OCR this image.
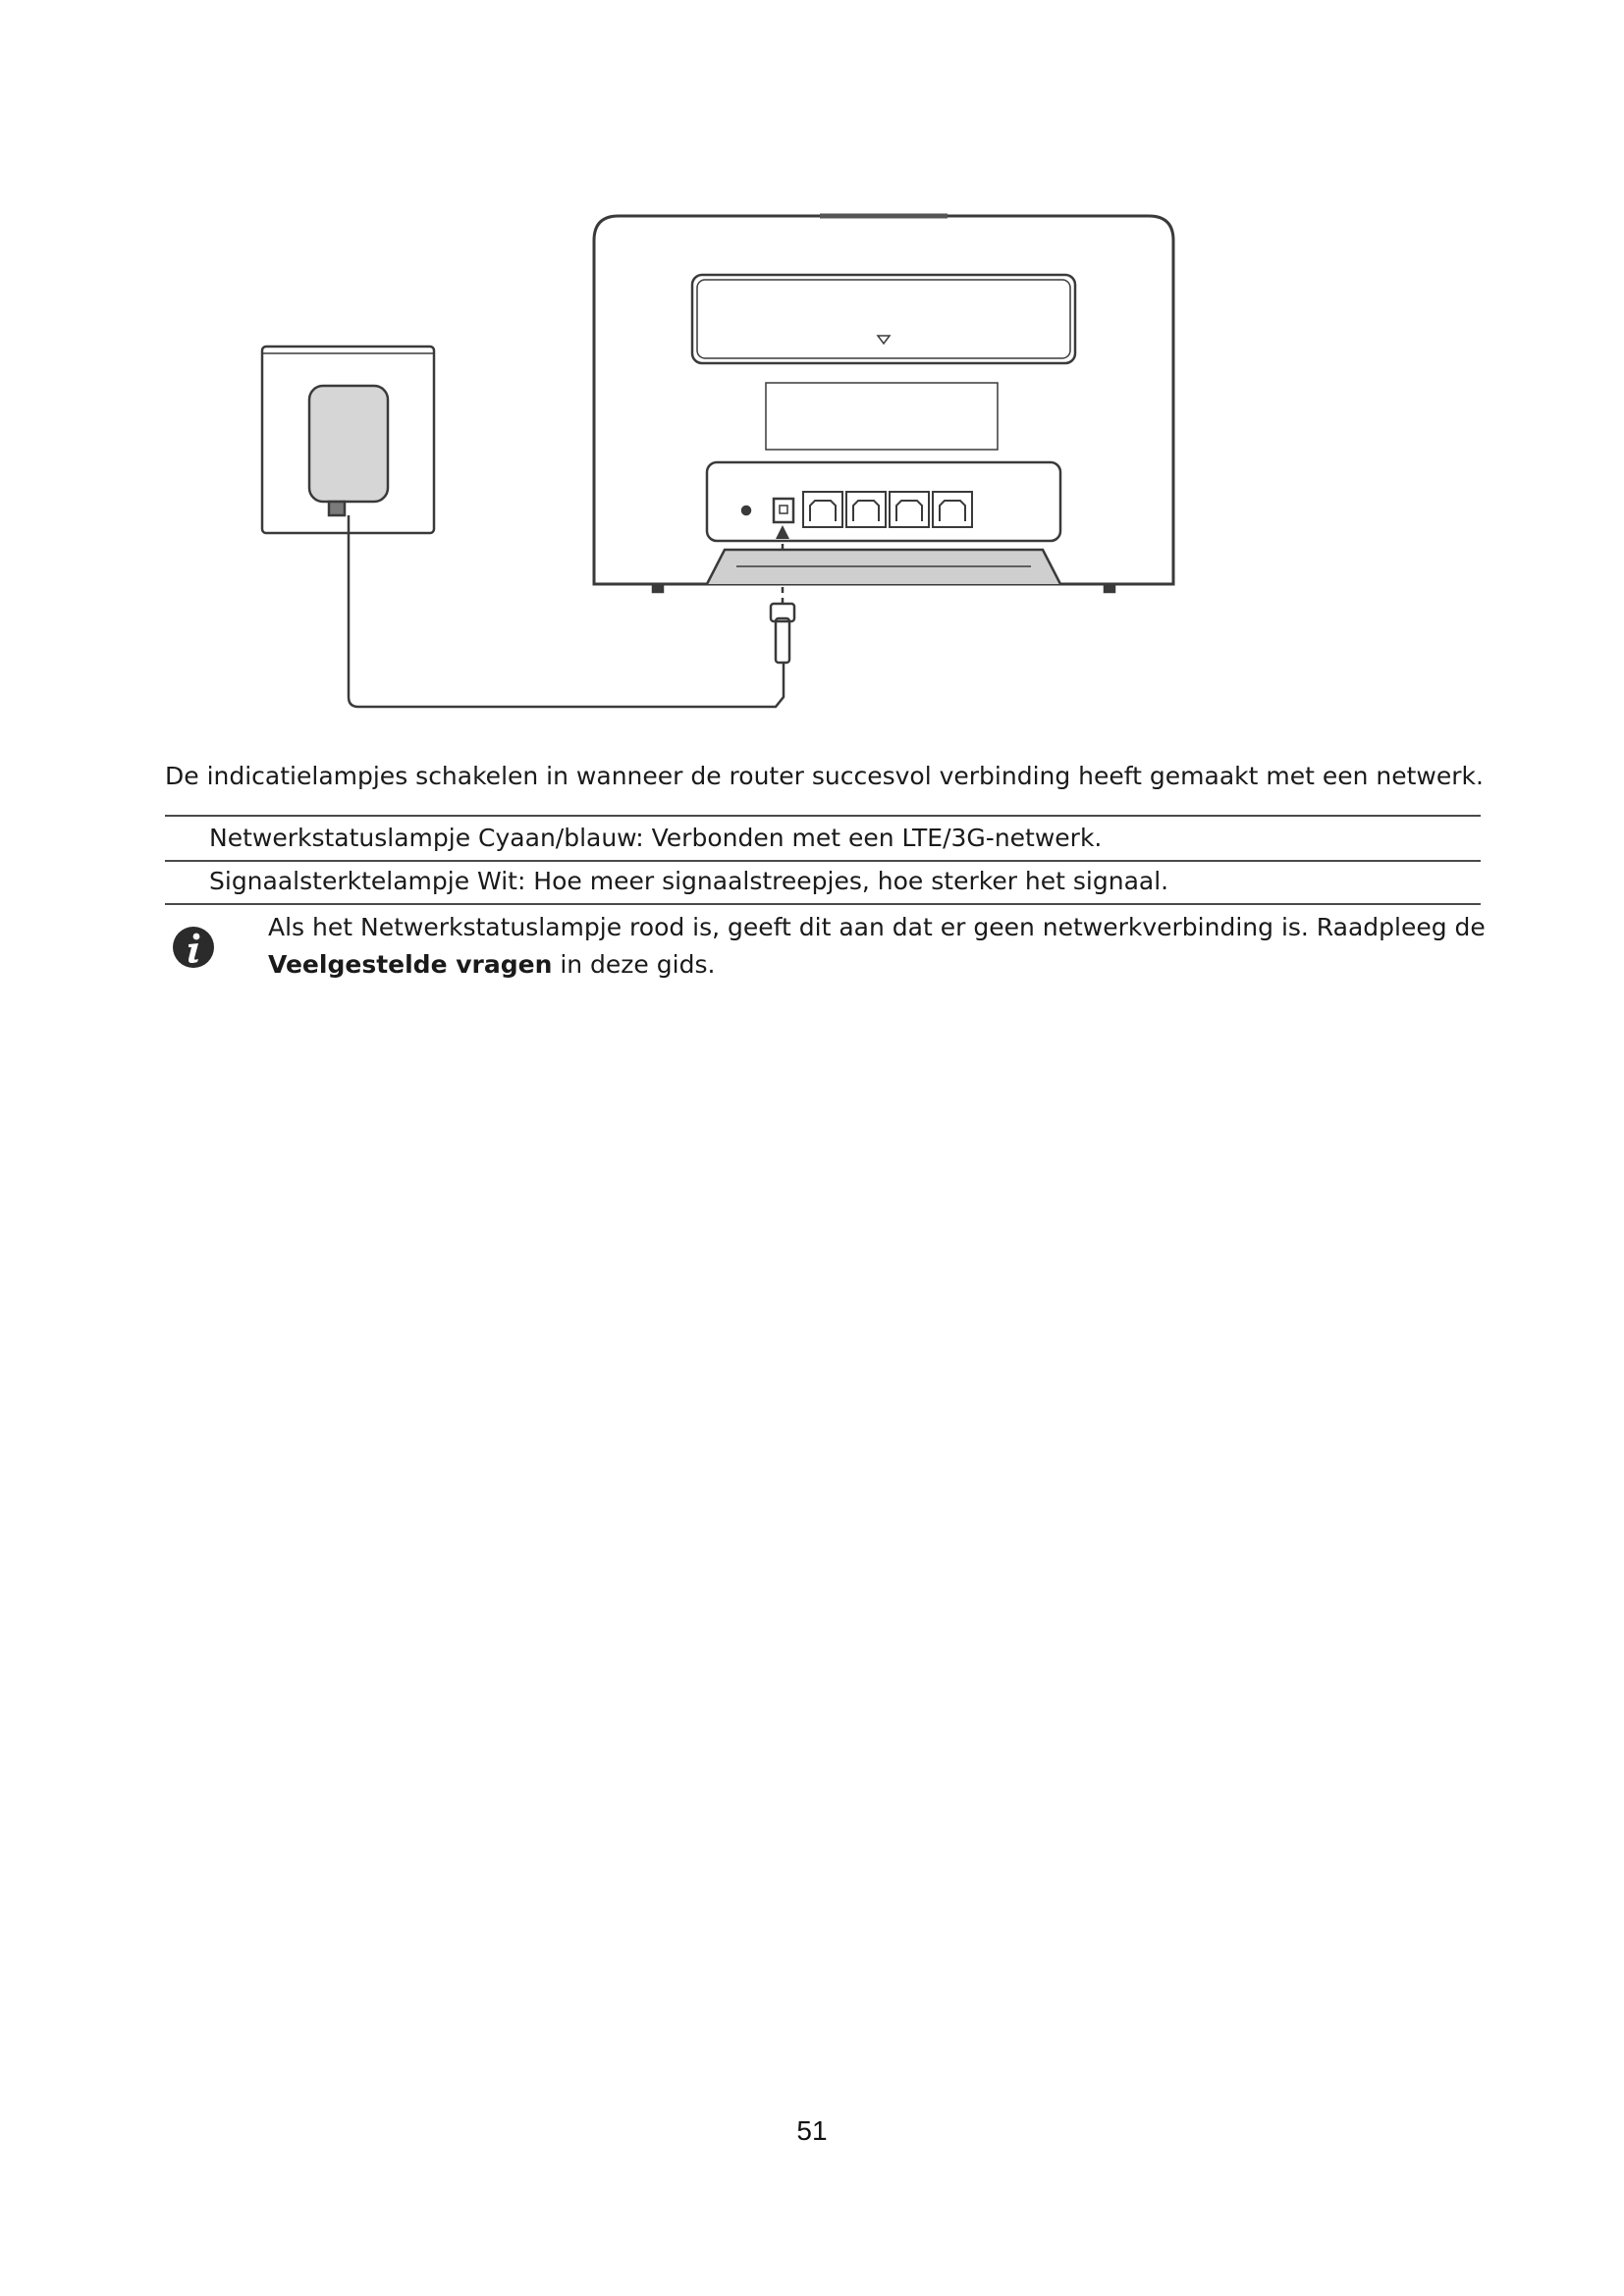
De indicatielampjes schakelen in wanneer de router succesvol verbinding heeft gemaakt met een netwerk.
Netwerkstatuslampje Cyaan/blauw: Verbonden met een LTE/3G-netwerk.
Signaalsterktelampje Wit: Hoe meer signaalstreepjes, hoe sterker het signaal.
Als het Netwerkstatuslampje rood is, geeft dit aan dat er geen netwerkverbinding is. Raadpleeg de Veelgestelde vragen in deze gids.
51
